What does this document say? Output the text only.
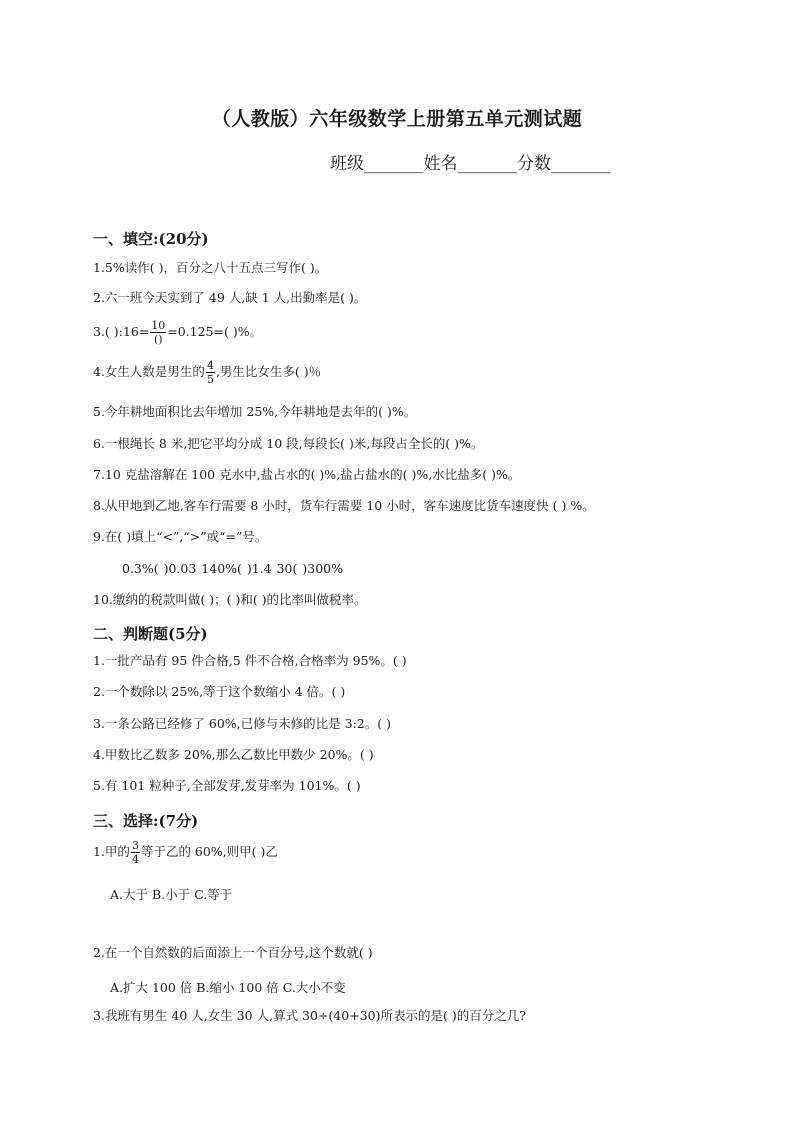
（人教版）六年级数学上册第五单元测试题
班级_______姓名_______分数_______
一、填空:(20分)
1.5%读作( )，百分之八十五点三写作( )。
2.六一班今天实到了 49 人,缺 1 人,出勤率是( )。
3.( ):16= $\frac{10}{()} =0.125=$( )%。
4.女生人数是男生的 $\frac{4}{5}$ ,男生比女生多( )％
5.今年耕地面积比去年增加 25%,今年耕地是去年的( )%。
6.一根绳长 8 米,把它平均分成 10 段,每段长( )米,每段占全长的( )%。
7.10 克盐溶解在 100 克水中,盐占水的( )%,盐占盐水的( )%,水比盐多( )%。
8.从甲地到乙地,客车行需要 8 小时，货车行需要 10 小时，客车速度比货车速度快 ( ) %。
9.在( )填上“<”,“>”或“=”号。
0.3%( )0.03 140%( )1.4 30( )300%
10.缴纳的税款叫做( )；( )和( )的比率叫做税率。
二、判断题(5分)
1.一批产品有 95 件合格,5 件不合格,合格率为 95%。( )
2.一个数除以 25%,等于这个数缩小 4 倍。( )
3.一条公路已经修了 60%,已修与未修的比是 3:2。( )
4.甲数比乙数多 20%,那么乙数比甲数少 20%。( )
5.有 101 粒种子,全部发芽,发芽率为 101%。( )
三、选择:(7分)
1.甲的 $\frac{3}{4}$ 等于乙的 60%,则甲( )乙
A.大于 B.小于 C.等于
2.在一个自然数的后面添上一个百分号,这个数就( )
A.扩大 100 倍 B.缩小 100 倍 C.大小不变
3.我班有男生 40 人,女生 30 人,算式 30÷(40+30)所表示的是( )的百分之几?
